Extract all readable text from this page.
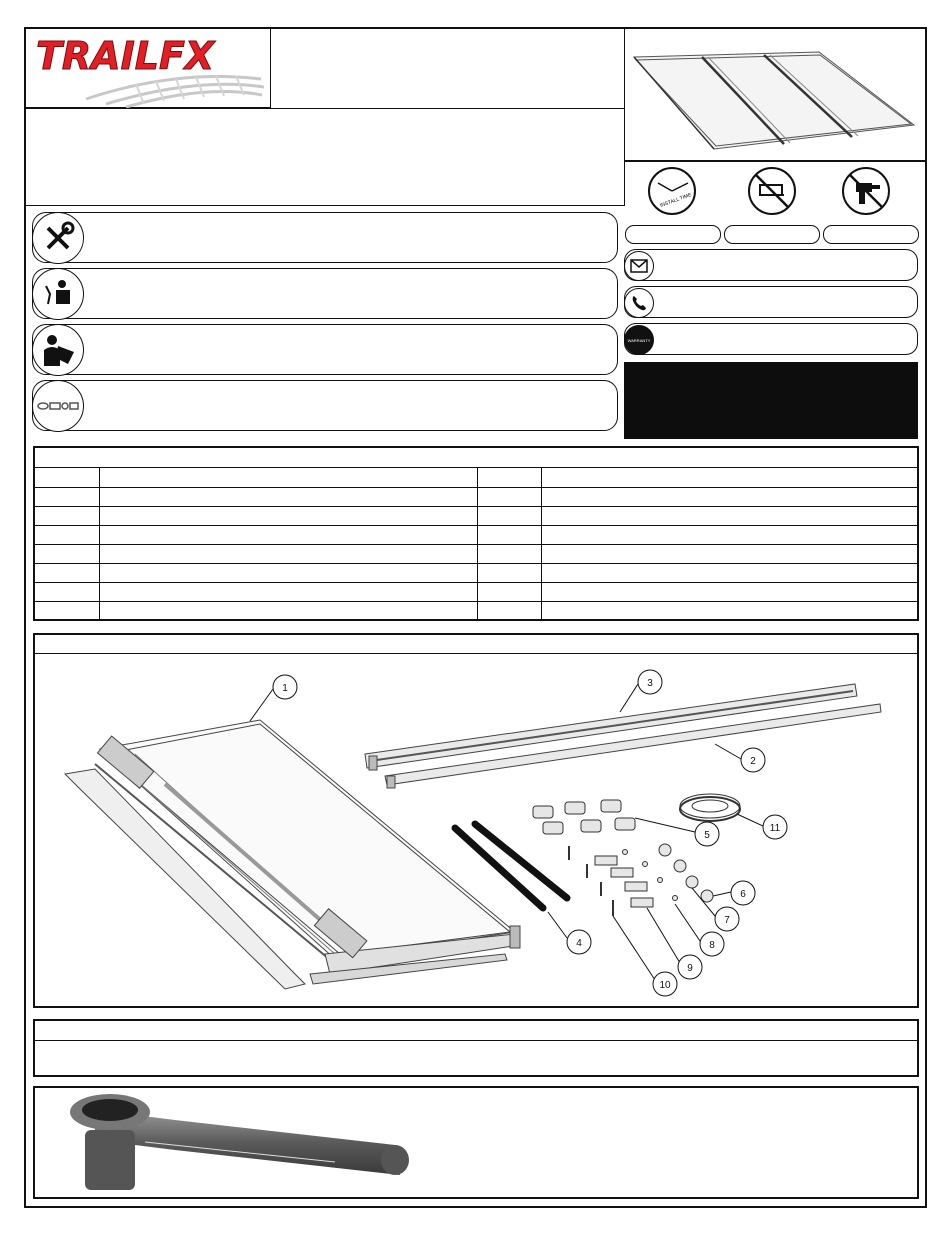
TRAILFX
INSTALL TIME
WARRANTY

1
2
3
4
5
6
7
8
9
10
11
